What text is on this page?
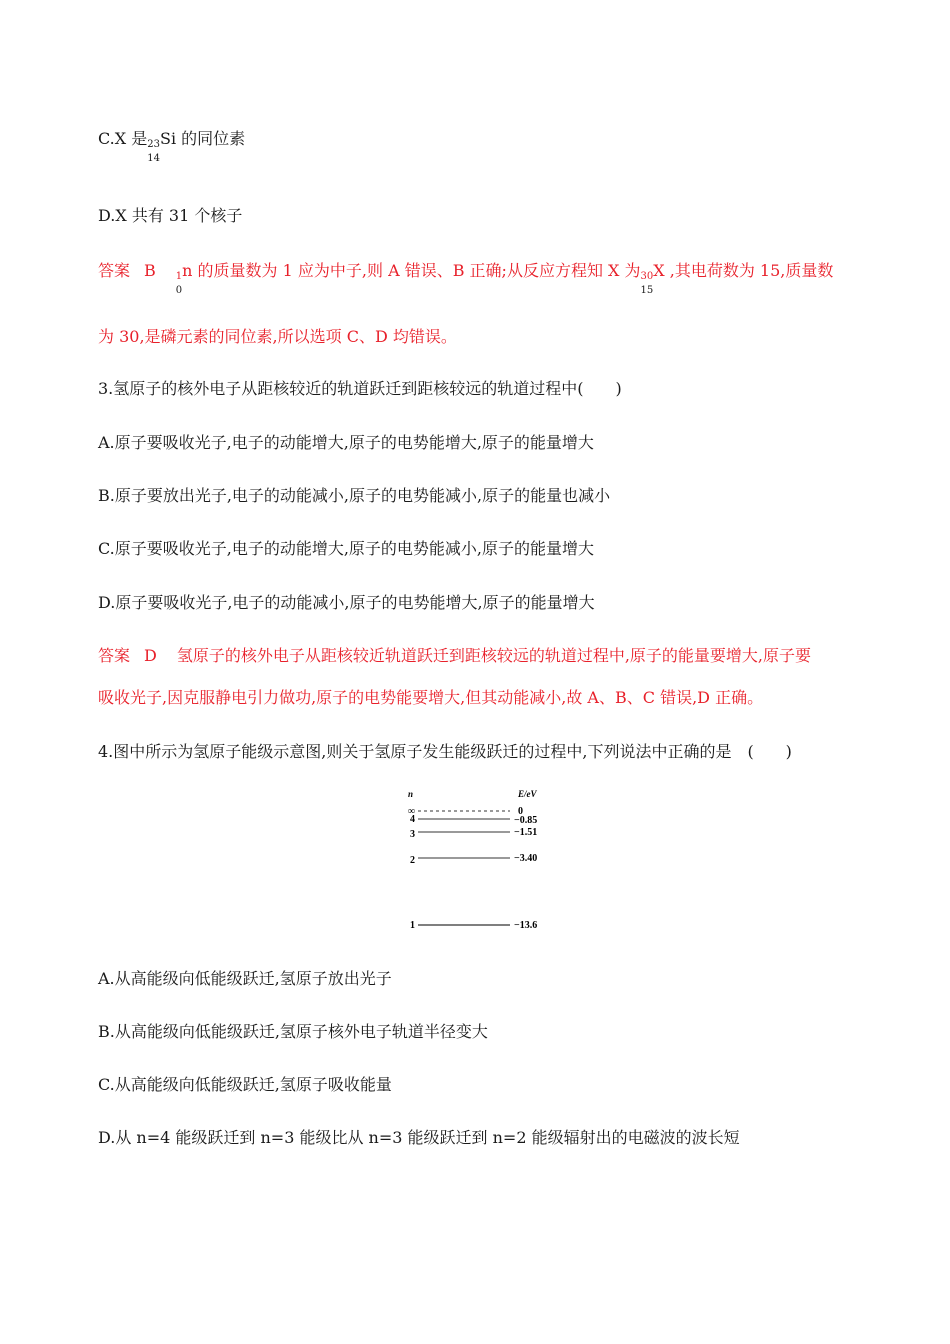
C.X 是23
14
Si 的同位素
D.X 共有 31 个核子
答案 B 1
0
n 的质量数为 1 应为中子,则 A 错误、B 正确;从反应方程知 X 为30
15
X ,其电荷数为 15,质量数
为 30,是磷元素的同位素,所以选项 C、D 均错误。
3.氢原子的核外电子从距核较近的轨道跃迁到距核较远的轨道过程中(　　)
A.原子要吸收光子,电子的动能增大,原子的电势能增大,原子的能量增大
B.原子要放出光子,电子的动能减小,原子的电势能减小,原子的能量也减小
C.原子要吸收光子,电子的动能增大,原子的电势能减小,原子的能量增大
D.原子要吸收光子,电子的动能减小,原子的电势能增大,原子的能量增大
答案 D 氢原子的核外电子从距核较近轨道跃迁到距核较远的轨道过程中,原子的能量要增大,原子要
吸收光子,因克服静电引力做功,原子的电势能要增大,但其动能减小,故 A、B、C 错误,D 正确。
4.图中所示为氢原子能级示意图,则关于氢原子发生能级跃迁的过程中,下列说法中正确的是　(　　)
n	E/eV
∞	0
4	−0.85
3	−1.51
2	−3.40
1	−13.6
A.从高能级向低能级跃迁,氢原子放出光子
B.从高能级向低能级跃迁,氢原子核外电子轨道半径变大
C.从高能级向低能级跃迁,氢原子吸收能量
D.从 n=4 能级跃迁到 n=3 能级比从 n=3 能级跃迁到 n=2 能级辐射出的电磁波的波长短
